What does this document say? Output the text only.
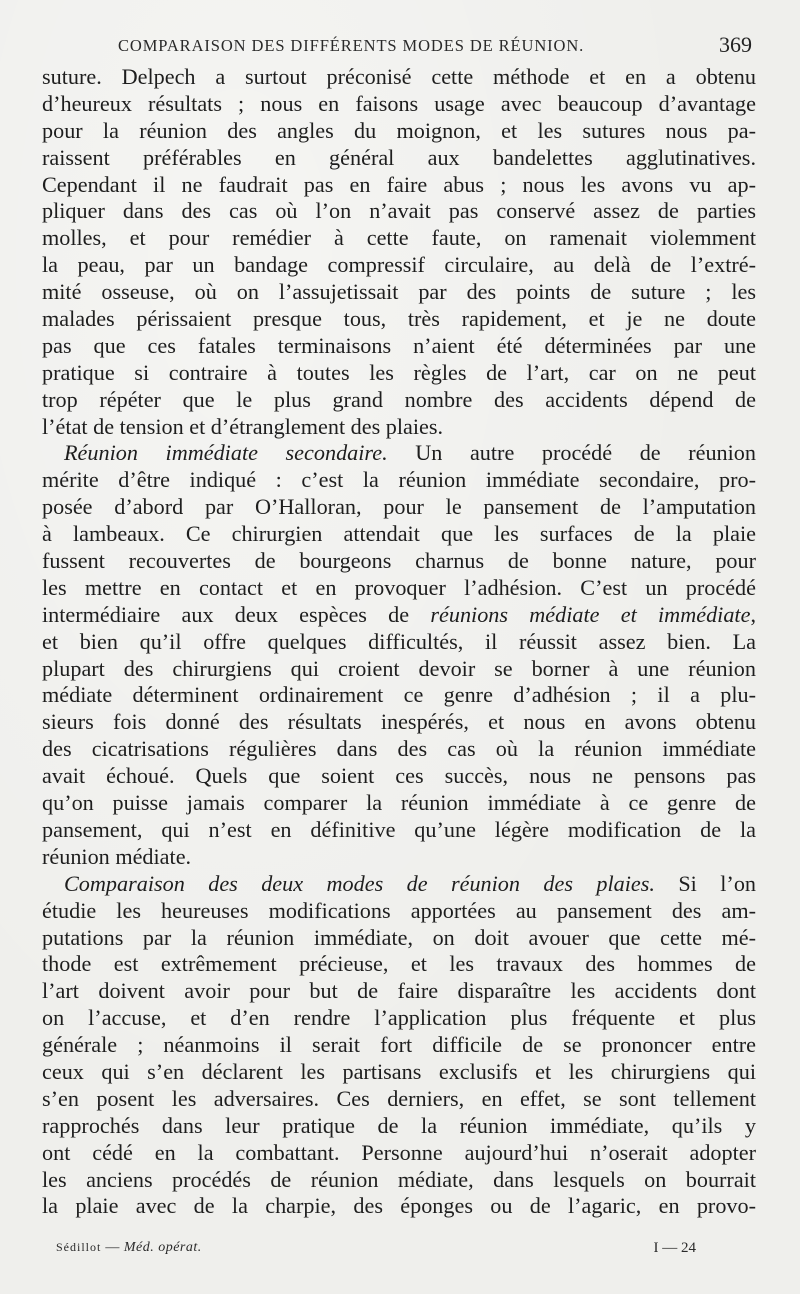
COMPARAISON DES DIFFÉRENTS MODES DE RÉUNION.	369
suture. Delpech a surtout préconisé cette méthode et en a obtenu
d’heureux résultats ; nous en faisons usage avec beaucoup d’avantage
pour la réunion des angles du moignon, et les sutures nous pa-
raissent préférables en général aux bandelettes agglutinatives.
Cependant il ne faudrait pas en faire abus ; nous les avons vu ap-
pliquer dans des cas où l’on n’avait pas conservé assez de parties
molles, et pour remédier à cette faute, on ramenait violemment
la peau, par un bandage compressif circulaire, au delà de l’extré-
mité osseuse, où on l’assujetissait par des points de suture ; les
malades périssaient presque tous, très rapidement, et je ne doute
pas que ces fatales terminaisons n’aient été déterminées par une
pratique si contraire à toutes les règles de l’art, car on ne peut
trop répéter que le plus grand nombre des accidents dépend de
l’état de tension et d’étranglement des plaies.
Réunion immédiate secondaire. Un autre procédé de réunion
mérite d’être indiqué : c’est la réunion immédiate secondaire, pro-
posée d’abord par O’Halloran, pour le pansement de l’amputation
à lambeaux. Ce chirurgien attendait que les surfaces de la plaie
fussent recouvertes de bourgeons charnus de bonne nature, pour
les mettre en contact et en provoquer l’adhésion. C’est un procédé
intermédiaire aux deux espèces de réunions médiate et immédiate,
et bien qu’il offre quelques difficultés, il réussit assez bien. La
plupart des chirurgiens qui croient devoir se borner à une réunion
médiate déterminent ordinairement ce genre d’adhésion ; il a plu-
sieurs fois donné des résultats inespérés, et nous en avons obtenu
des cicatrisations régulières dans des cas où la réunion immédiate
avait échoué. Quels que soient ces succès, nous ne pensons pas
qu’on puisse jamais comparer la réunion immédiate à ce genre de
pansement, qui n’est en définitive qu’une légère modification de la
réunion médiate.
Comparaison des deux modes de réunion des plaies. Si l’on
étudie les heureuses modifications apportées au pansement des am-
putations par la réunion immédiate, on doit avouer que cette mé-
thode est extrêmement précieuse, et les travaux des hommes de
l’art doivent avoir pour but de faire disparaître les accidents dont
on l’accuse, et d’en rendre l’application plus fréquente et plus
générale ; néanmoins il serait fort difficile de se prononcer entre
ceux qui s’en déclarent les partisans exclusifs et les chirurgiens qui
s’en posent les adversaires. Ces derniers, en effet, se sont tellement
rapprochés dans leur pratique de la réunion immédiate, qu’ils y
ont cédé en la combattant. Personne aujourd’hui n’oserait adopter
les anciens procédés de réunion médiate, dans lesquels on bourrait
la plaie avec de la charpie, des éponges ou de l’agaric, en provo-
Sédillot — Méd. opérat.	I — 24
